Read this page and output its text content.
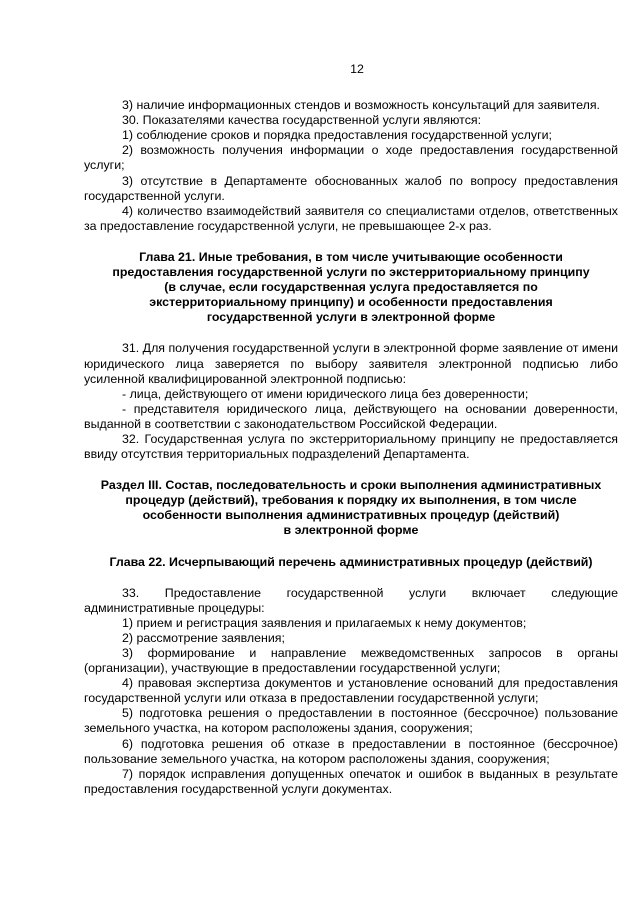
12

3) наличие информационных стендов и возможность консультаций для заявителя.

30. Показателями качества государственной услуги являются:

1) соблюдение сроков и порядка предоставления государственной услуги;

2) возможность получения информации о ходе предоставления государственной услуги;

3) отсутствие в Департаменте обоснованных жалоб по вопросу предоставления государственной услуги.

4) количество взаимодействий заявителя со специалистами отделов, ответственных за предоставление государственной услуги, не превышающее 2-х раз.

Глава 21. Иные требования, в том числе учитывающие особенности
предоставления государственной услуги по экстерриториальному принципу
(в случае, если государственная услуга предоставляется по
экстерриториальному принципу) и особенности предоставления
государственной услуги в электронной форме

31. Для получения государственной услуги в электронной форме заявление от имени юридического лица заверяется по выбору заявителя электронной подписью либо усиленной квалифицированной электронной подписью:

- лица, действующего от имени юридического лица без доверенности;

- представителя юридического лица, действующего на основании доверенности, выданной в соответствии с законодательством Российской Федерации.

32. Государственная услуга по экстерриториальному принципу не предоставляется ввиду отсутствия территориальных подразделений Департамента.

Раздел III. Состав, последовательность и сроки выполнения административных
процедур (действий), требования к порядку их выполнения, в том числе
особенности выполнения административных процедур (действий)
в электронной форме
Глава 22. Исчерпывающий перечень административных процедур (действий)

33. Предоставление государственной услуги включает следующие административные процедуры:

1) прием и регистрация заявления и прилагаемых к нему документов;

2) рассмотрение заявления;

3) формирование и направление межведомственных запросов в органы (организации), участвующие в предоставлении государственной услуги;

4) правовая экспертиза документов и установление оснований для предоставления государственной услуги или отказа в предоставлении государственной услуги;

5) подготовка решения о предоставлении в постоянное (бессрочное) пользование земельного участка, на котором расположены здания, сооружения;

6) подготовка решения об отказе в предоставлении в постоянное (бессрочное) пользование земельного участка, на котором расположены здания, сооружения;

7) порядок исправления допущенных опечаток и ошибок в выданных в результате предоставления государственной услуги документах.
